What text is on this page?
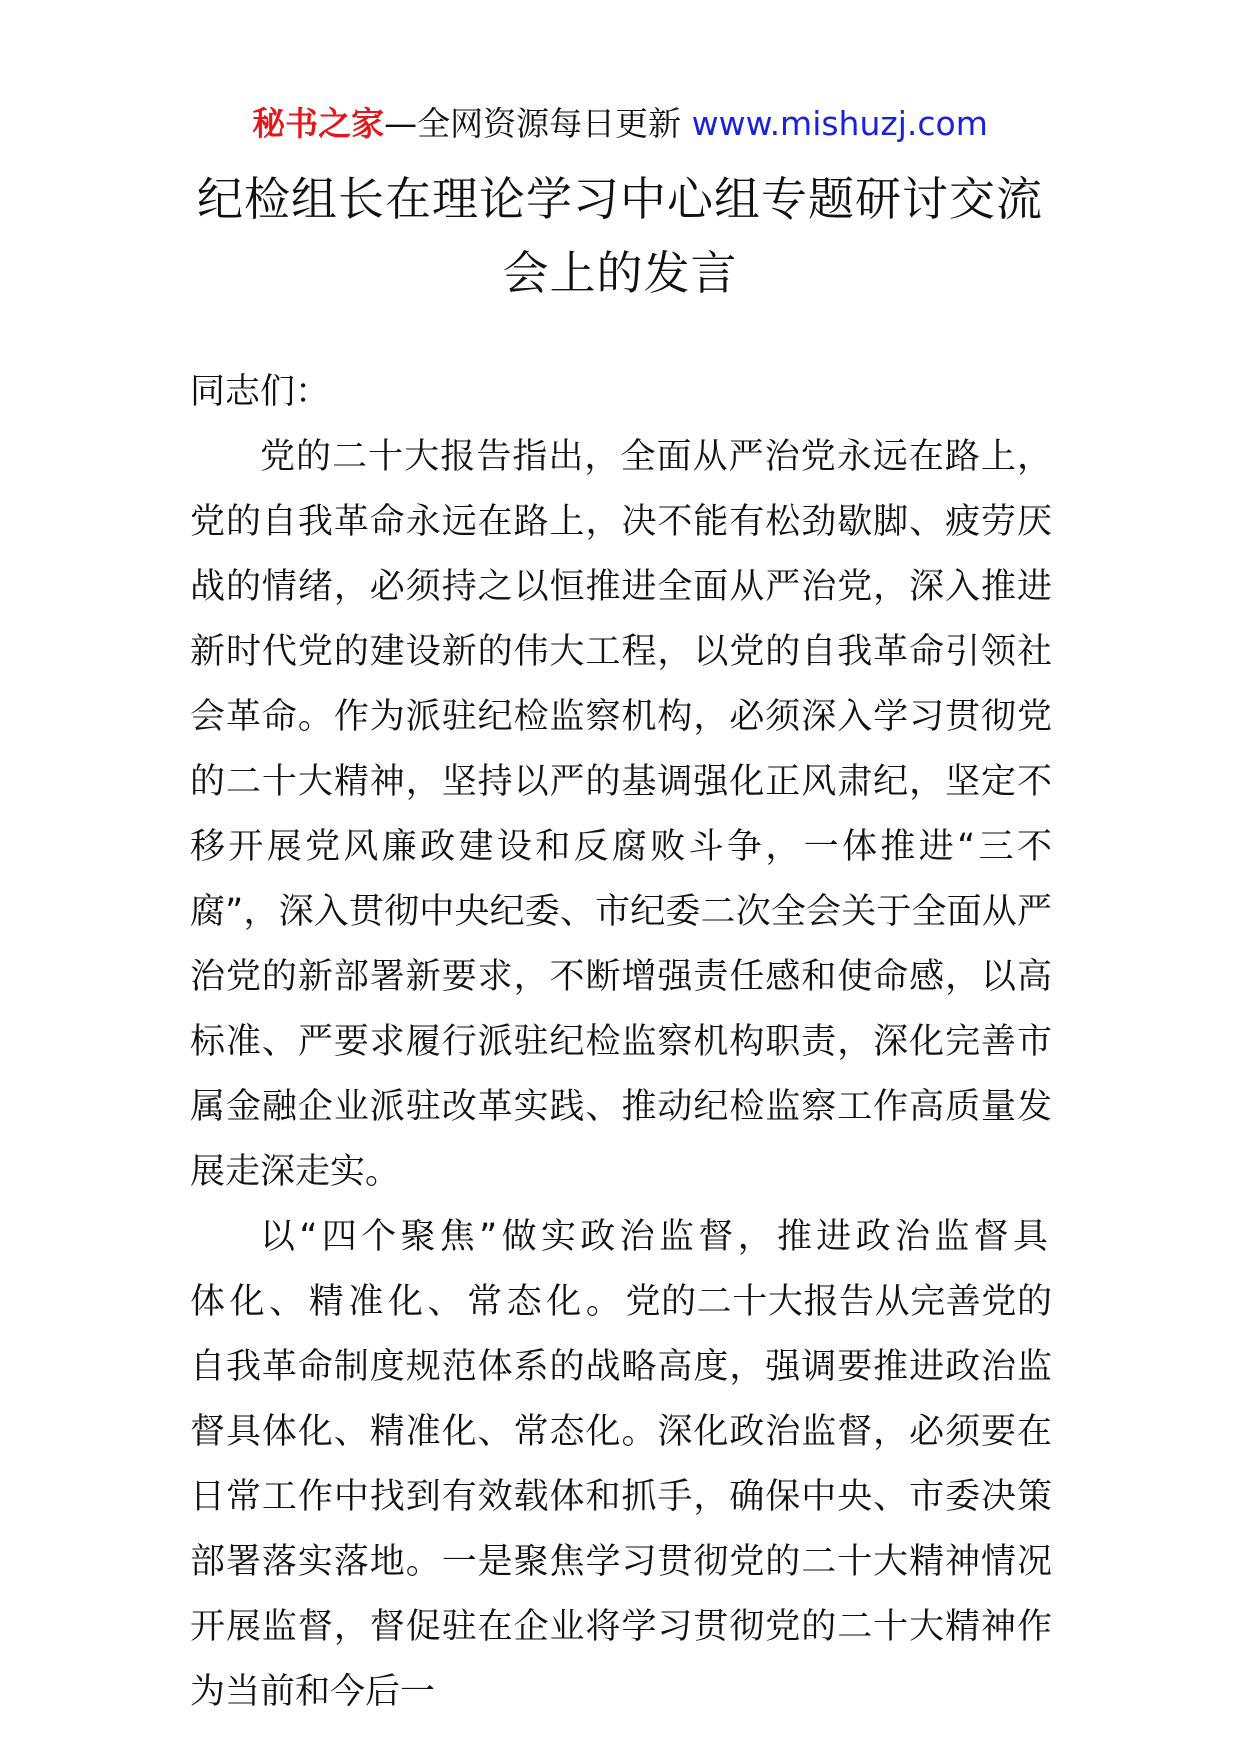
秘书之家—全网资源每日更新 www.mishuzj.com
纪检组长在理论学习中心组专题研讨交流会上的发言

同志们：

党的二十大报告指出，全面从严治党永远在路上，党的自我革命永远在路上，决不能有松劲歇脚、疲劳厌战的情绪，必须持之以恒推进全面从严治党，深入推进新时代党的建设新的伟大工程，以党的自我革命引领社会革命。作为派驻纪检监察机构，必须深入学习贯彻党的二十大精神，坚持以严的基调强化正风肃纪，坚定不移开展党风廉政建设和反腐败斗争，一体推进“三不腐”，深入贯彻中央纪委、市纪委二次全会关于全面从严治党的新部署新要求，不断增强责任感和使命感，以高标准、严要求履行派驻纪检监察机构职责，深化完善市属金融企业派驻改革实践、推动纪检监察工作高质量发展走深走实。

以“四个聚焦”做实政治监督，推进政治监督具体化、精准化、常态化。党的二十大报告从完善党的自我革命制度规范体系的战略高度，强调要推进政治监督具体化、精准化、常态化。深化政治监督，必须要在日常工作中找到有效载体和抓手，确保中央、市委决策部署落实落地。一是聚焦学习贯彻党的二十大精神情况开展监督，督促驻在企业将学习贯彻党的二十大精神作为当前和今后一
